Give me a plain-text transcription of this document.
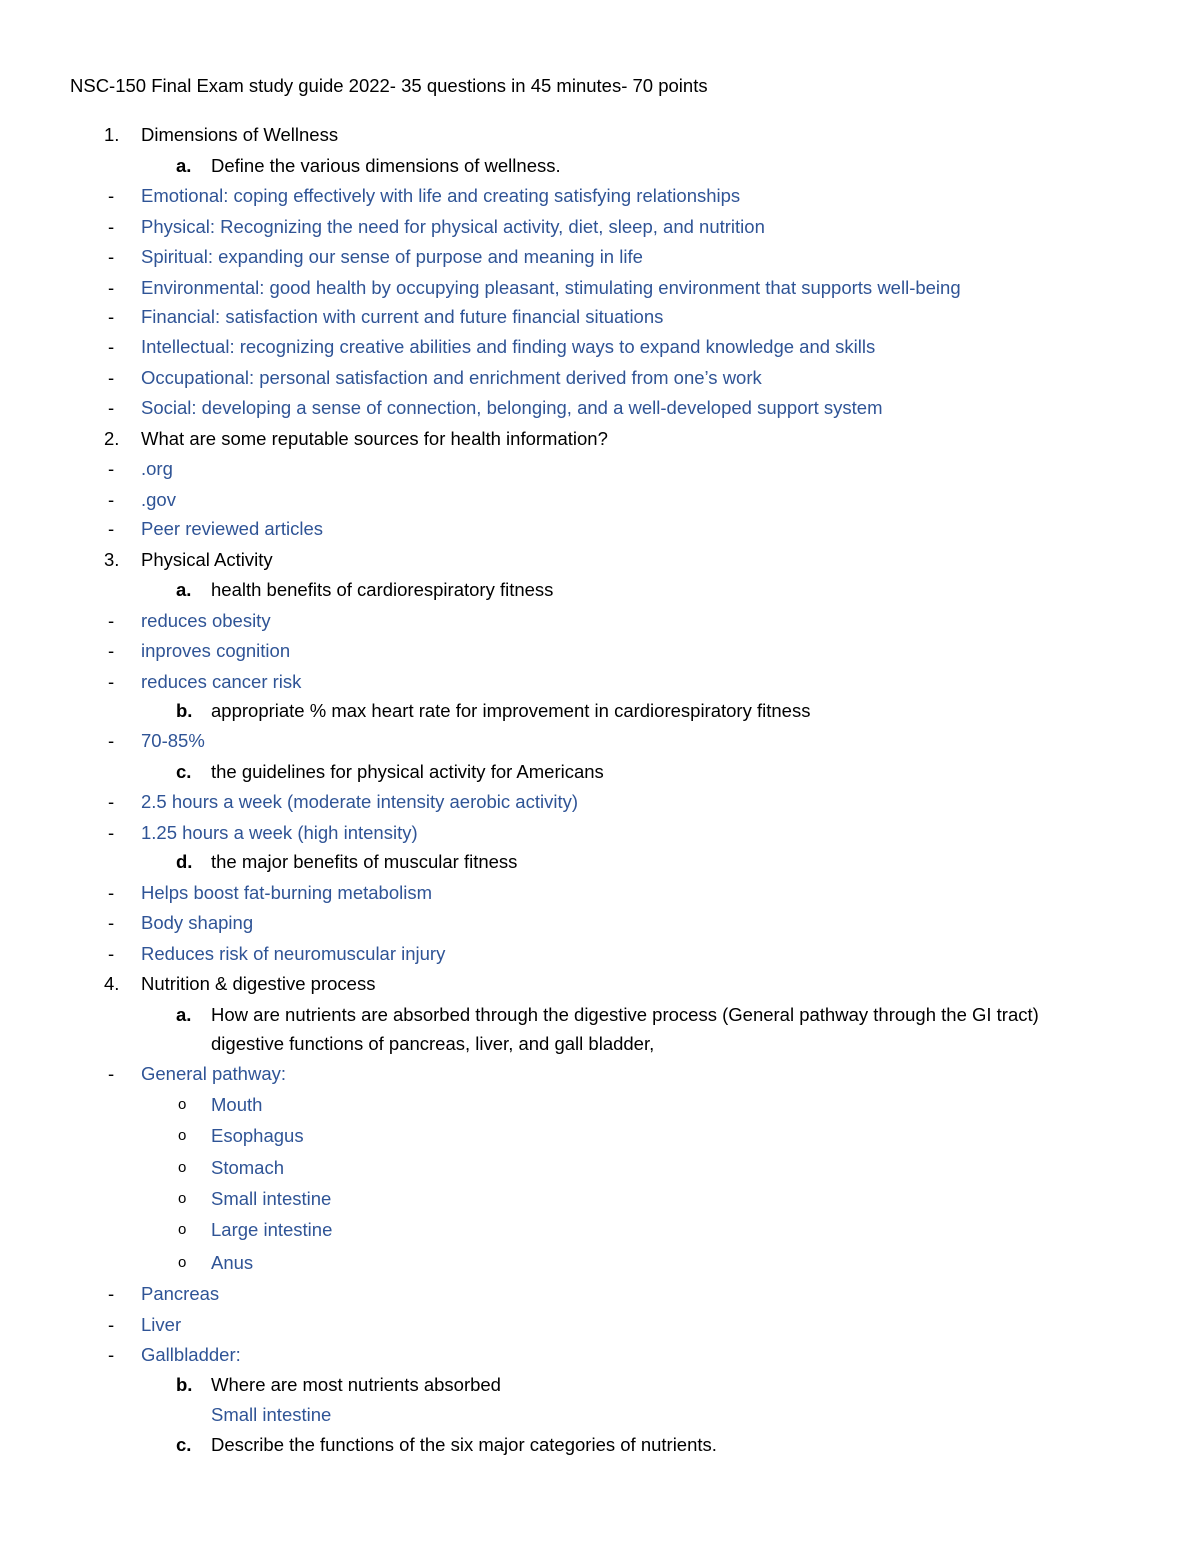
NSC-150 Final Exam study guide 2022- 35 questions in 45 minutes- 70 points
1. Dimensions of Wellness
a. Define the various dimensions of wellness.
- Emotional: coping effectively with life and creating satisfying relationships
- Physical: Recognizing the need for physical activity, diet, sleep, and nutrition
- Spiritual: expanding our sense of purpose and meaning in life
- Environmental: good health by occupying pleasant, stimulating environment that supports well-being
- Financial: satisfaction with current and future financial situations
- Intellectual: recognizing creative abilities and finding ways to expand knowledge and skills
- Occupational: personal satisfaction and enrichment derived from one’s work
- Social: developing a sense of connection, belonging, and a well-developed support system
2. What are some reputable sources for health information?
- .org
- .gov
- Peer reviewed articles
3. Physical Activity
a. health benefits of cardiorespiratory fitness
- reduces obesity
- inproves cognition
- reduces cancer risk
b. appropriate % max heart rate for improvement in cardiorespiratory fitness
- 70-85%
c. the guidelines for physical activity for Americans
- 2.5 hours a week (moderate intensity aerobic activity)
- 1.25 hours a week (high intensity)
d. the major benefits of muscular fitness
- Helps boost fat-burning metabolism
- Body shaping
- Reduces risk of neuromuscular injury
4. Nutrition & digestive process
a. How are nutrients are absorbed through the digestive process (General pathway through the GI tract)
digestive functions of pancreas, liver, and gall bladder,
- General pathway:
o Mouth
o Esophagus
o Stomach
o Small intestine
o Large intestine
o Anus
- Pancreas
- Liver
- Gallbladder:
b. Where are most nutrients absorbed
Small intestine
c. Describe the functions of the six major categories of nutrients.
